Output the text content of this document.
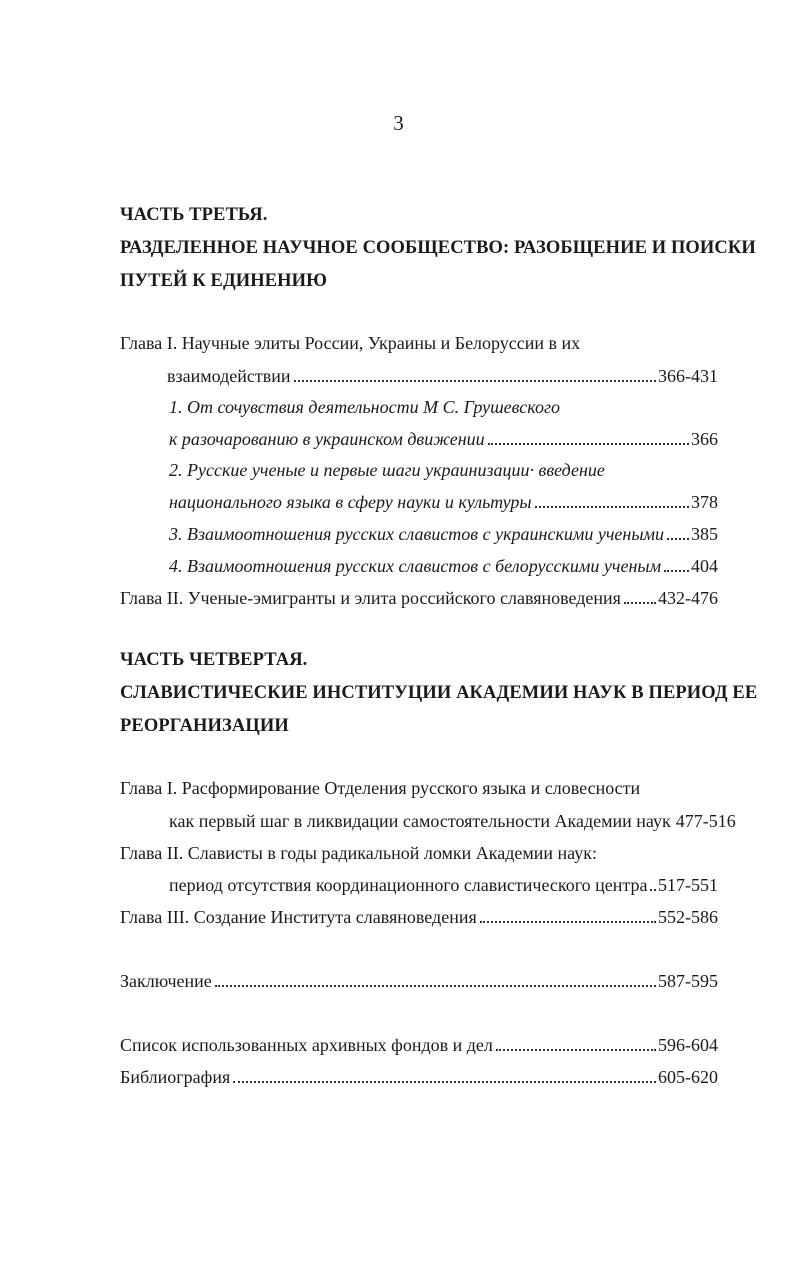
3
ЧАСТЬ ТРЕТЬЯ.
РАЗДЕЛЕННОЕ НАУЧНОЕ СООБЩЕСТВО: РАЗОБЩЕНИЕ И ПОИСКИ
ПУТЕЙ К ЕДИНЕНИЮ
Глава I. Научные элиты России, Украины и Белоруссии в их
взаимодействии	366-431
1. От сочувствия деятельности М С. Грушевского
к разочарованию в украинском движении	366
2. Русские ученые и первые шаги украинизации· введение
национального языка в сферу науки и культуры	378
3. Взаимоотношения русских славистов с украинскими учеными 385
4. Взаимоотношения русских славистов с белорусскими ученым 404
Глава II. Ученые-эмигранты и элита российского славяноведения 432-476
ЧАСТЬ ЧЕТВЕРТАЯ.
СЛАВИСТИЧЕСКИЕ ИНСТИТУЦИИ АКАДЕМИИ НАУК В ПЕРИОД ЕЕ
РЕОРГАНИЗАЦИИ
Глава I. Расформирование Отделения русского языка и словесности
как первый шаг в ликвидации самостоятельности Академии наук 477-516
Глава II. Слависты в годы радикальной ломки Академии наук:
период отсутствия координационного славистического центра 517-551
Глава III. Создание Института славяноведения	552-586
Заключение	587-595
Список использованных архивных фондов и дел	596-604
Библиография	605-620
